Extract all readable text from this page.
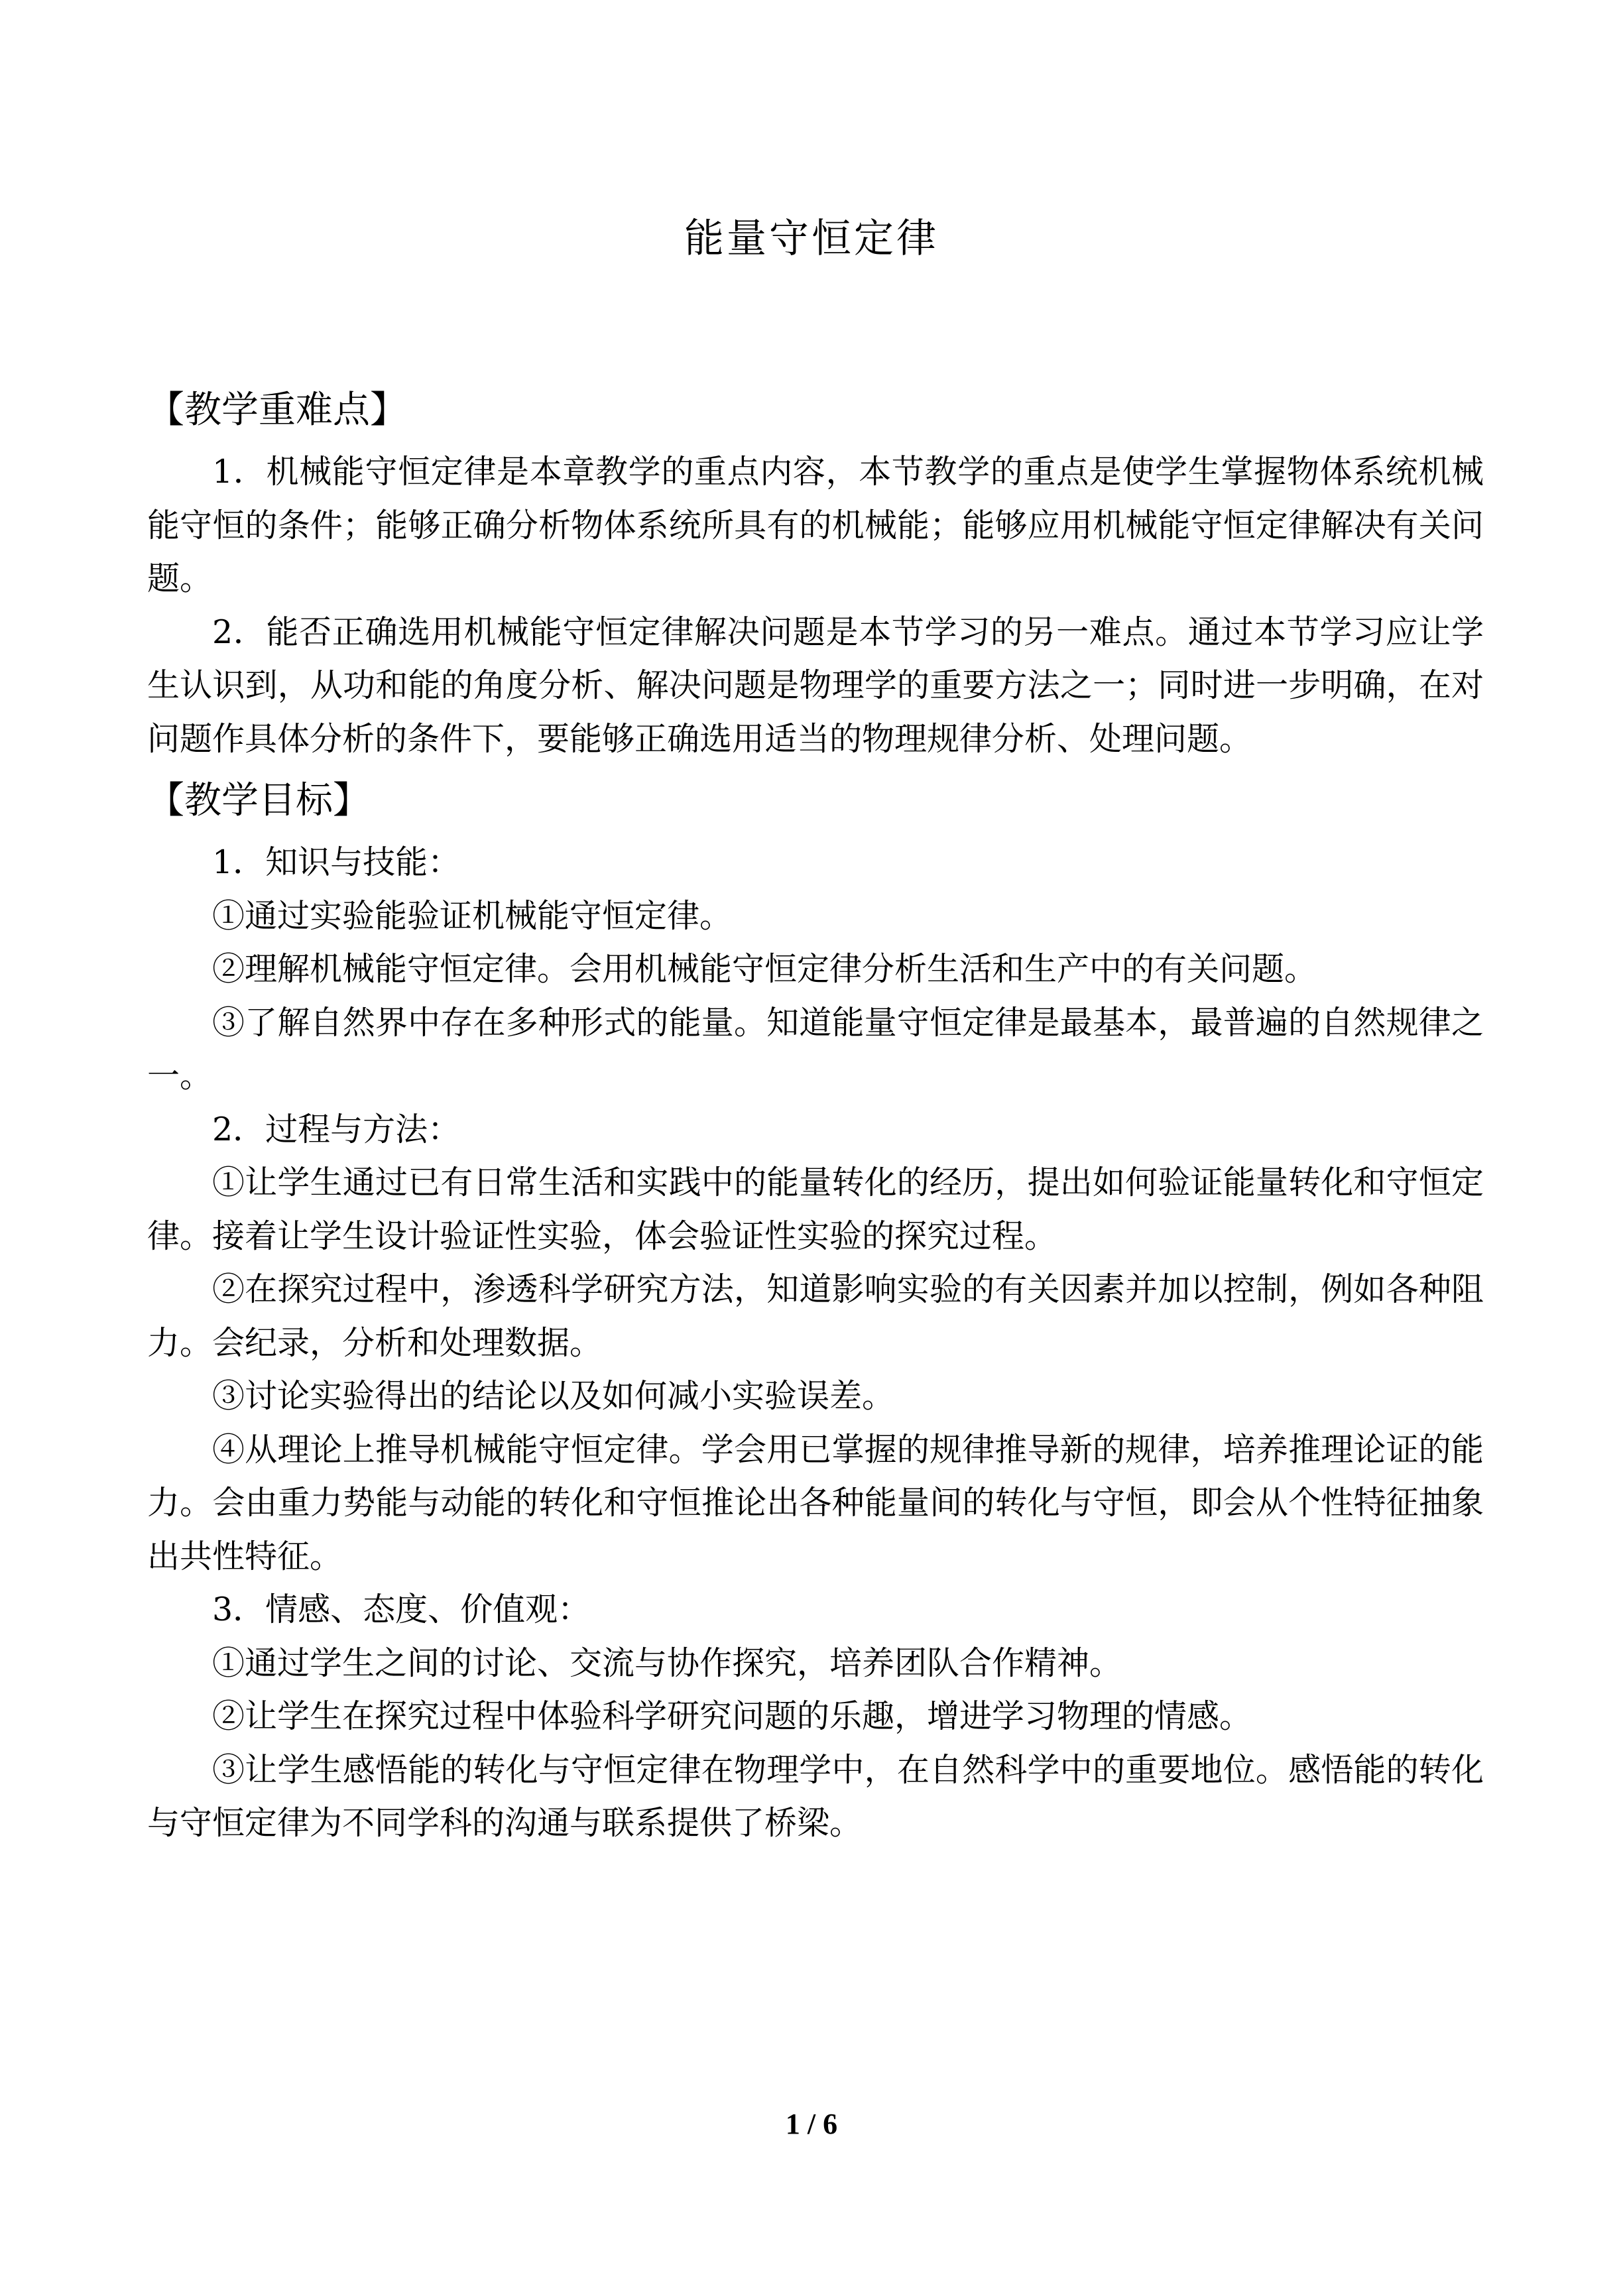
能量守恒定律

【教学重难点】

1．机械能守恒定律是本章教学的重点内容，本节教学的重点是使学生掌握物体系统机械能守恒的条件；能够正确分析物体系统所具有的机械能；能够应用机械能守恒定律解决有关问题。

2．能否正确选用机械能守恒定律解决问题是本节学习的另一难点。通过本节学习应让学生认识到，从功和能的角度分析、解决问题是物理学的重要方法之一；同时进一步明确，在对问题作具体分析的条件下，要能够正确选用适当的物理规律分析、处理问题。

【教学目标】

1．知识与技能：

①通过实验能验证机械能守恒定律。

②理解机械能守恒定律。会用机械能守恒定律分析生活和生产中的有关问题。

③了解自然界中存在多种形式的能量。知道能量守恒定律是最基本，最普遍的自然规律之一。

2．过程与方法：

①让学生通过已有日常生活和实践中的能量转化的经历，提出如何验证能量转化和守恒定律。接着让学生设计验证性实验，体会验证性实验的探究过程。

②在探究过程中，渗透科学研究方法，知道影响实验的有关因素并加以控制，例如各种阻力。会纪录，分析和处理数据。

③讨论实验得出的结论以及如何减小实验误差。

④从理论上推导机械能守恒定律。学会用已掌握的规律推导新的规律，培养推理论证的能力。会由重力势能与动能的转化和守恒推论出各种能量间的转化与守恒，即会从个性特征抽象出共性特征。

3．情感、态度、价值观：

①通过学生之间的讨论、交流与协作探究，培养团队合作精神。

②让学生在探究过程中体验科学研究问题的乐趣，增进学习物理的情感。

③让学生感悟能的转化与守恒定律在物理学中，在自然科学中的重要地位。感悟能的转化与守恒定律为不同学科的沟通与联系提供了桥梁。

1 / 6
